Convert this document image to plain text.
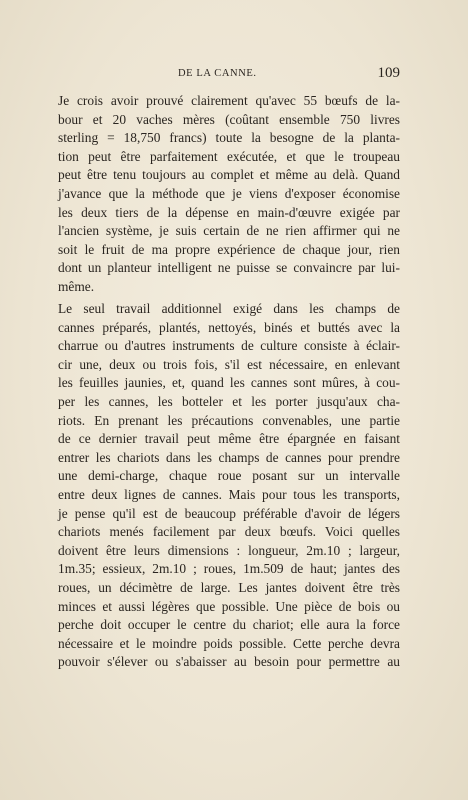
DE LA CANNE.	109
Je crois avoir prouvé clairement qu'avec 55 bœufs de la-
bour et 20 vaches mères (coûtant ensemble 750 livres
sterling = 18,750 francs) toute la besogne de la planta-
tion peut être parfaitement exécutée, et que le troupeau
peut être tenu toujours au complet et même au delà. Quand
j'avance que la méthode que je viens d'exposer économise
les deux tiers de la dépense en main-d'œuvre exigée par
l'ancien système, je suis certain de ne rien affirmer qui ne
soit le fruit de ma propre expérience de chaque jour, rien
dont un planteur intelligent ne puisse se convaincre par lui-
même.
Le seul travail additionnel exigé dans les champs de
cannes préparés, plantés, nettoyés, binés et buttés avec la
charrue ou d'autres instruments de culture consiste à éclair-
cir une, deux ou trois fois, s'il est nécessaire, en enlevant
les feuilles jaunies, et, quand les cannes sont mûres, à cou-
per les cannes, les botteler et les porter jusqu'aux cha-
riots. En prenant les précautions convenables, une partie
de ce dernier travail peut même être épargnée en faisant
entrer les chariots dans les champs de cannes pour prendre
une demi-charge, chaque roue posant sur un intervalle
entre deux lignes de cannes. Mais pour tous les transports,
je pense qu'il est de beaucoup préférable d'avoir de légers
chariots menés facilement par deux bœufs. Voici quelles
doivent être leurs dimensions : longueur, 2m.10 ; largeur,
1m.35; essieux, 2m.10 ; roues, 1m.509 de haut; jantes des
roues, un décimètre de large. Les jantes doivent être très
minces et aussi légères que possible. Une pièce de bois ou
perche doit occuper le centre du chariot; elle aura la force
nécessaire et le moindre poids possible. Cette perche devra
pouvoir s'élever ou s'abaisser au besoin pour permettre au
